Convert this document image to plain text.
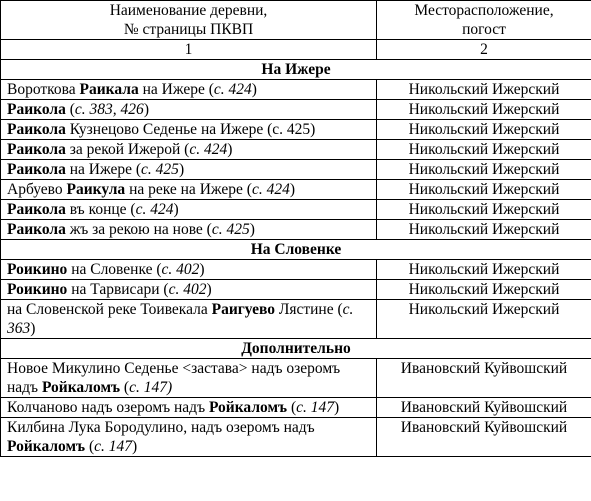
Наименование деревни,
№ страницы ПКВП	Месторасположение,
погост
1	2
На Ижере	
Вороткова Раикала на Ижере (с. 424)	Никольский Ижерский
Раикола (с. 383, 426)	Никольский Ижерский
Раикола Кузнецово Седенье на Ижере (с. 425)	Никольский Ижерский
Раикола за рекой Ижерой (с. 424)	Никольский Ижерский
Раикола на Ижере (с. 425)	Никольский Ижерский
Арбуево Раикула на реке на Ижере (с. 424)	Никольский Ижерский
Раикола въ конце (с. 424)	Никольский Ижерский
Раикола жъ за рекою на нове (с. 425)	Никольский Ижерский
На Словенке	
Роикино на Словенке (с. 402)	Никольский Ижерский
Роикино на Тарвисари (с. 402)	Никольский Ижерский
на Словенской реке Тоивекала Раигуево Лястине (с. 363)	Никольский Ижерский
Дополнительно	
Новое Микулино Седенье <застава> надъ озеромъ надъ Ройкаломъ (с. 147)	Ивановский Куйвошский
Колчаново надъ озеромъ надъ Ройкаломъ (с. 147)	Ивановский Куйвошский
Килбина Лука Бородулино, надъ озеромъ надъ Ройкаломъ (с. 147)	Ивановский Куйвошский
